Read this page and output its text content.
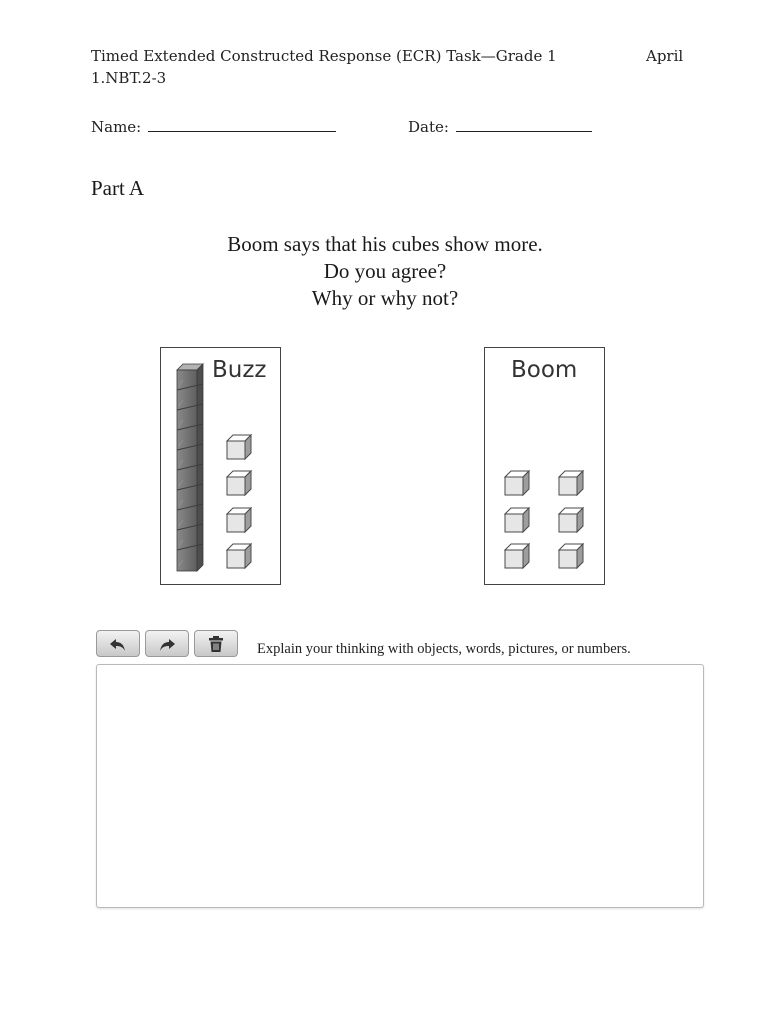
Timed Extended Constructed Response (ECR) Task—Grade 1	April
1.NBT.2-3
Name:	Date:
Part A
Boom says that his cubes show more.
Do you agree?
Why or why not?
Buzz	Boom
Explain your thinking with objects, words, pictures, or numbers.
